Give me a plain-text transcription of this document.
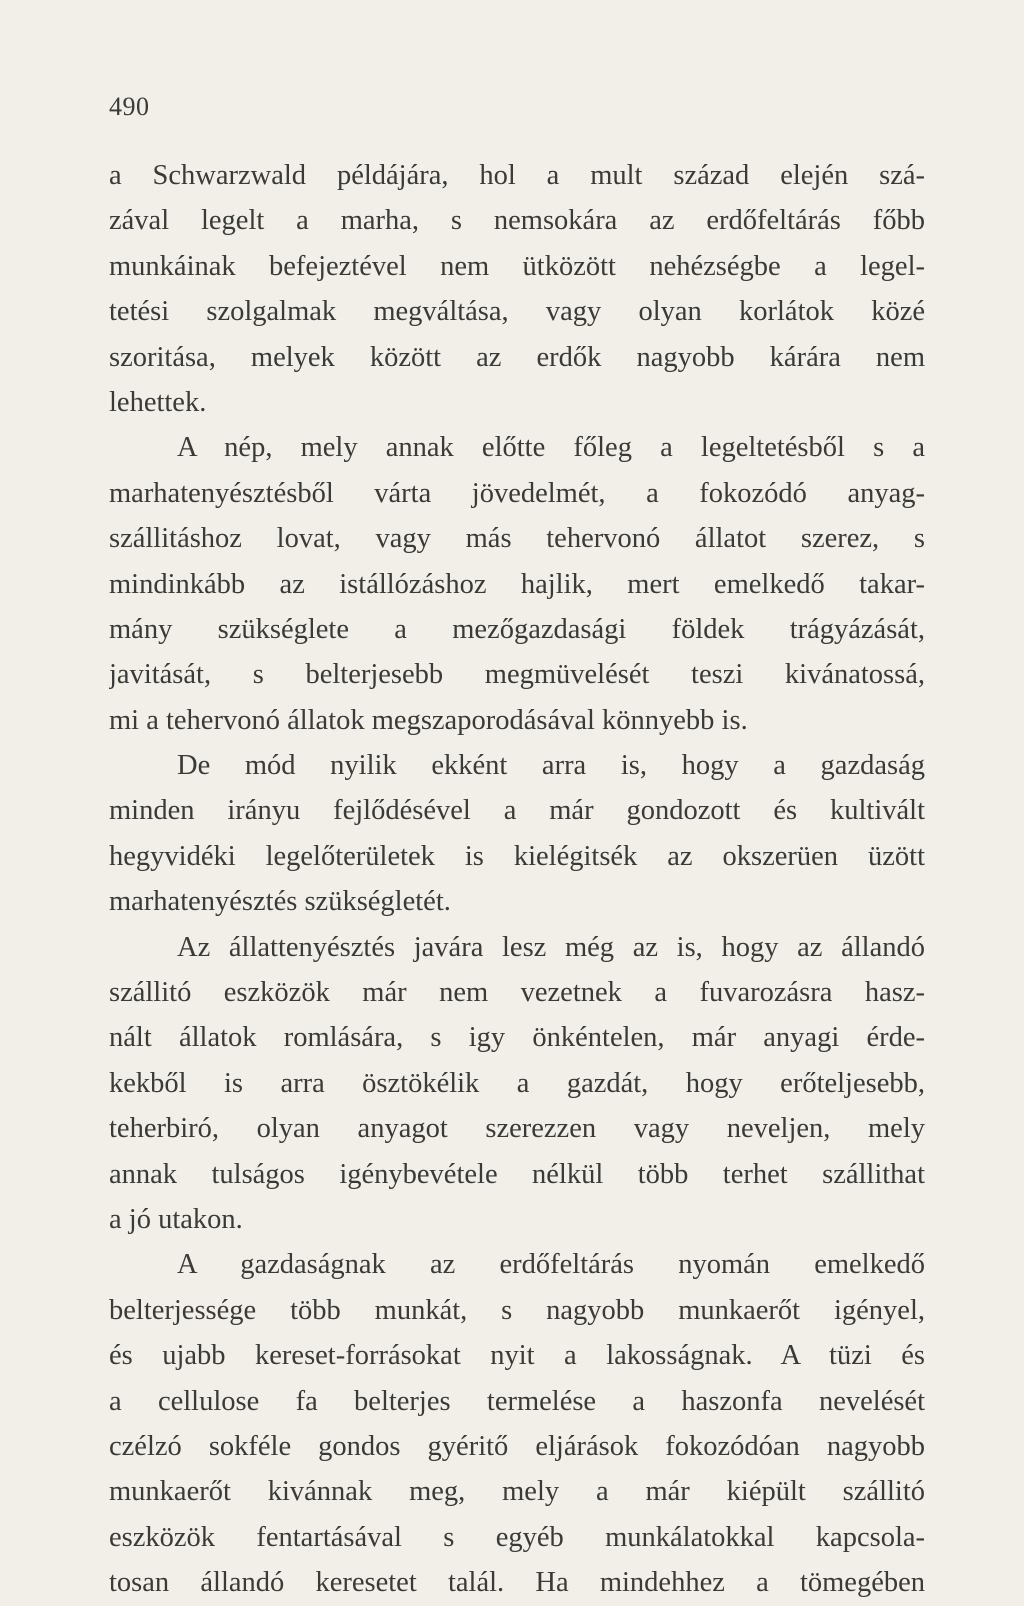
490
a Schwarzwald példájára, hol a mult század elején szá-
zával legelt a marha, s nemsokára az erdőfeltárás főbb
munkáinak befejeztével nem ütközött nehézségbe a legel-
tetési szolgalmak megváltása, vagy olyan korlátok közé
szoritása, melyek között az erdők nagyobb kárára nem
lehettek.
A nép, mely annak előtte főleg a legeltetésből s a
marhatenyésztésből várta jövedelmét, a fokozódó anyag-
szállitáshoz lovat, vagy más tehervonó állatot szerez, s
mindinkább az istállózáshoz hajlik, mert emelkedő takar-
mány szükséglete a mezőgazdasági földek trágyázását,
javitását, s belterjesebb megmüvelését teszi kivánatossá,
mi a tehervonó állatok megszaporodásával könnyebb is.
De mód nyilik ekként arra is, hogy a gazdaság
minden irányu fejlődésével a már gondozott és kultivált
hegyvidéki legelőterületek is kielégitsék az okszerüen üzött
marhatenyésztés szükségletét.
Az állattenyésztés javára lesz még az is, hogy az állandó
szállitó eszközök már nem vezetnek a fuvarozásra hasz-
nált állatok romlására, s igy önkéntelen, már anyagi érde-
kekből is arra ösztökélik a gazdát, hogy erőteljesebb,
teherbiró, olyan anyagot szerezzen vagy neveljen, mely
annak tulságos igénybevétele nélkül több terhet szállithat
a jó utakon.
A gazdaságnak az erdőfeltárás nyomán emelkedő
belterjessége több munkát, s nagyobb munkaerőt igényel,
és ujabb kereset-forrásokat nyit a lakosságnak. A tüzi és
a cellulose fa belterjes termelése a haszonfa nevelését
czélzó sokféle gondos gyéritő eljárások fokozódóan nagyobb
munkaerőt kivánnak meg, mely a már kiépült szállitó
eszközök fentartásával s egyéb munkálatokkal kapcsola-
tosan állandó keresetet talál. Ha mindehhez a tömegében
